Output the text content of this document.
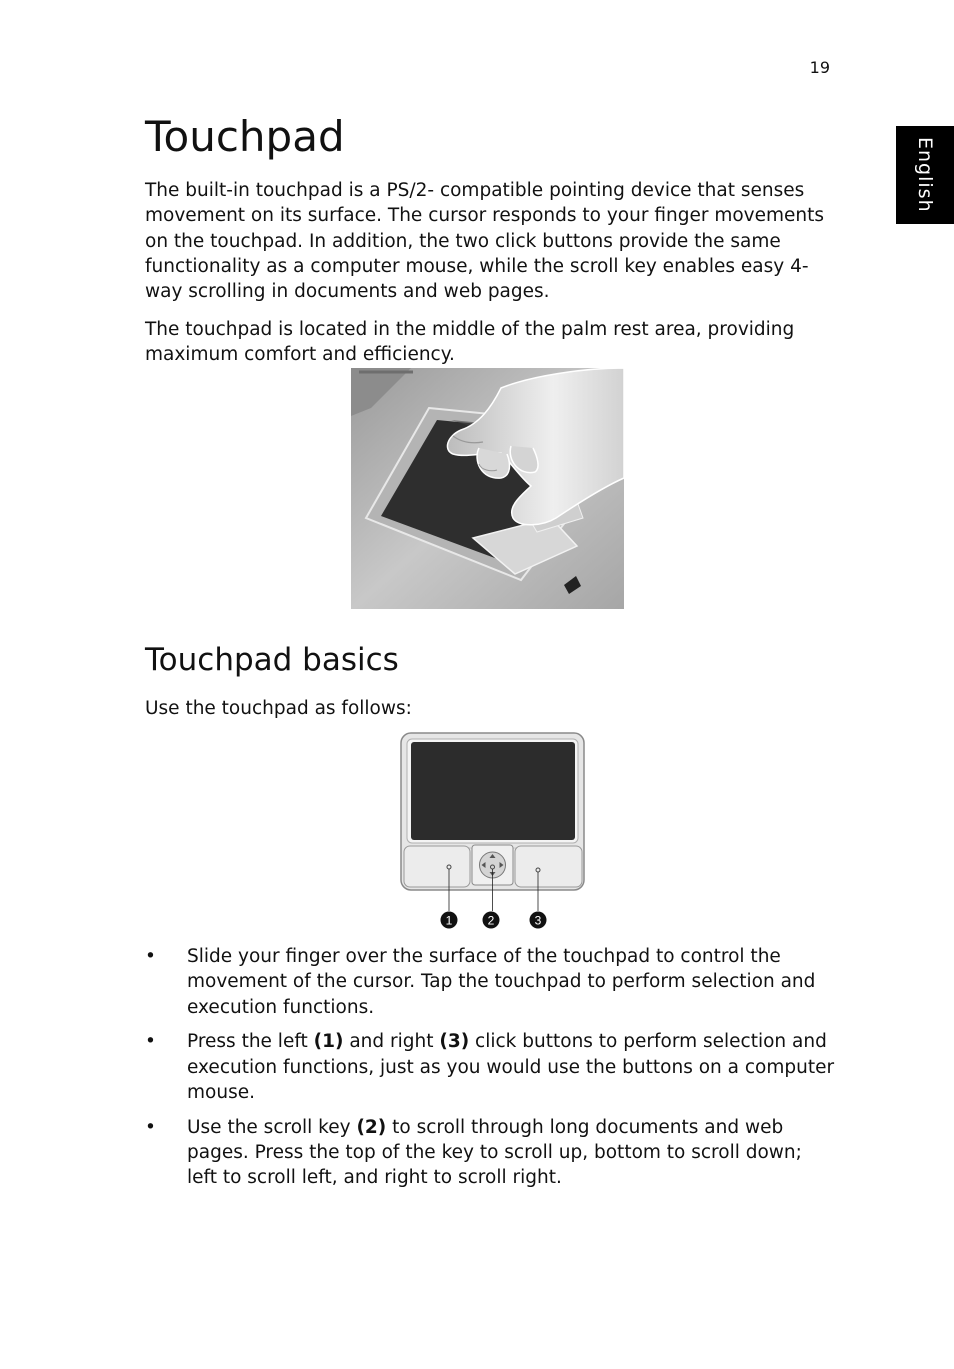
19
English
Touchpad

The built-in touchpad is a PS/2- compatible pointing device that senses movement on its surface. The cursor responds to your finger movements on the touchpad. In addition, the two click buttons provide the same functionality as a computer mouse, while the scroll key enables easy 4-way scrolling in documents and web pages.

The touchpad is located in the middle of the palm rest area, providing maximum comfort and efficiency.

Touchpad basics

Use the touchpad as follows:

1	2	3
• Slide your finger over the surface of the touchpad to control the movement of the cursor. Tap the touchpad to perform selection and execution functions.
• Press the left (1) and right (3) click buttons to perform selection and execution functions, just as you would use the buttons on a computer mouse.
• Use the scroll key (2) to scroll through long documents and web pages. Press the top of the key to scroll up, bottom to scroll down; left to scroll left, and right to scroll right.
